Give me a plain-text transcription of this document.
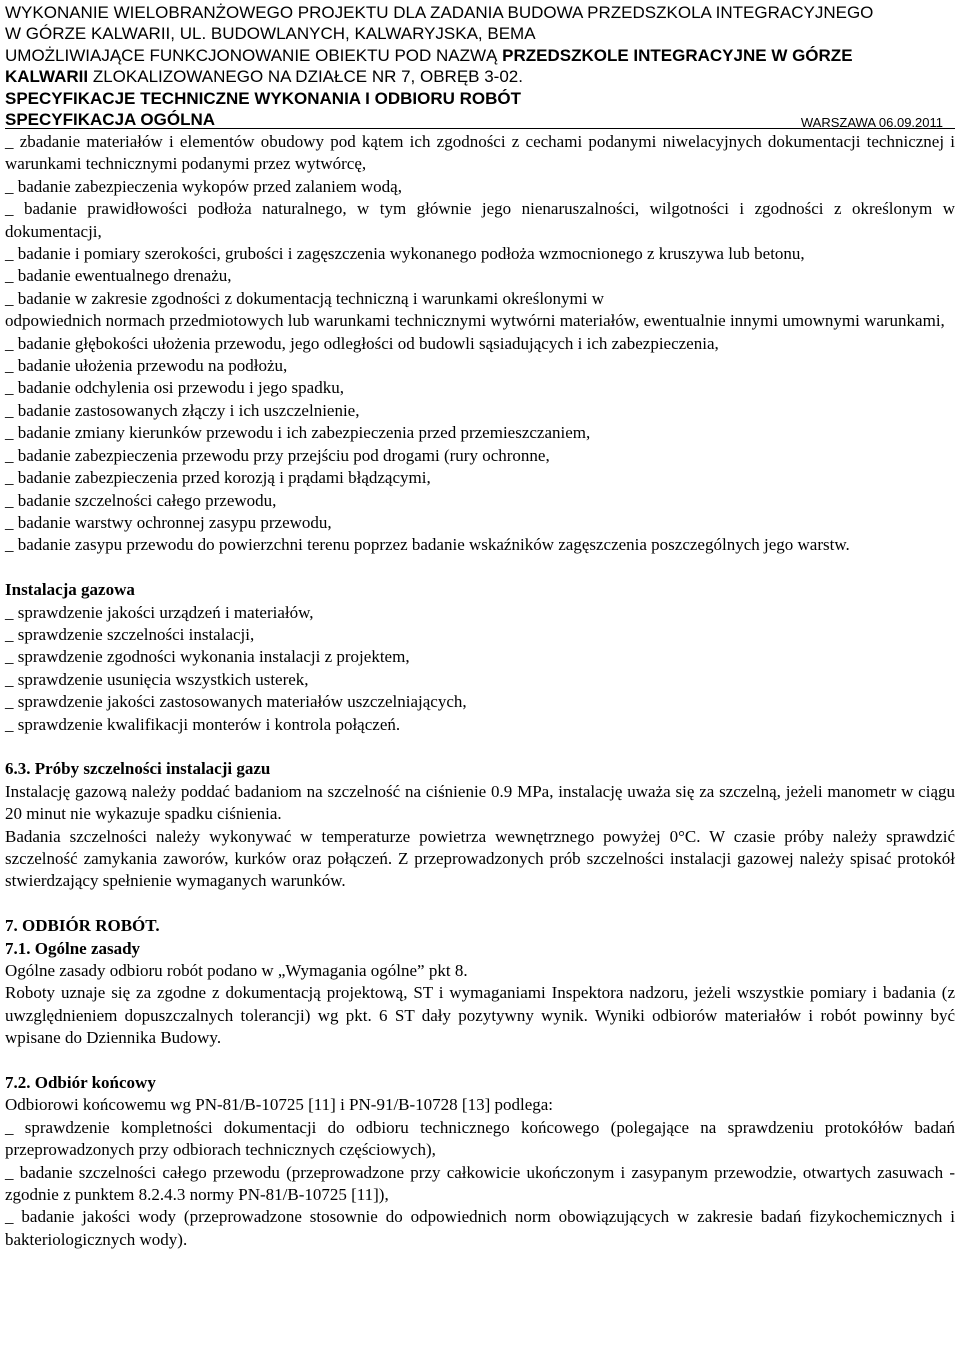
WYKONANIE WIELOBRANŻOWEGO PROJEKTU DLA ZADANIA BUDOWA PRZEDSZKOLA INTEGRACYJNEGO
W GÓRZE KALWARII, UL. BUDOWLANYCH, KALWARYJSKA, BEMA
UMOŻLIWIAJĄCE FUNKCJONOWANIE OBIEKTU POD NAZWĄ PRZEDSZKOLE INTEGRACYJNE W GÓRZE
KALWARII ZLOKALIZOWANEGO NA DZIAŁCE NR 7, OBRĘB 3-02.
SPECYFIKACJE TECHNICZNE WYKONANIA I ODBIORU ROBÓT
SPECYFIKACJA OGÓLNA	WARSZAWA 06.09.2011
_ zbadanie materiałów i elementów obudowy pod kątem ich zgodności z cechami podanymi niwelacyjnych dokumentacji technicznej i warunkami technicznymi podanymi przez wytwórcę,
_ badanie zabezpieczenia wykopów przed zalaniem wodą,
_ badanie prawidłowości podłoża naturalnego, w tym głównie jego nienaruszalności, wilgotności i zgodności z określonym w dokumentacji,
_ badanie i pomiary szerokości, grubości i zagęszczenia wykonanego podłoża wzmocnionego z kruszywa lub betonu,
_ badanie ewentualnego drenażu,
_ badanie w zakresie zgodności z dokumentacją techniczną i warunkami określonymi w
odpowiednich normach przedmiotowych lub warunkami technicznymi wytwórni materiałów, ewentualnie innymi umownymi warunkami,
_ badanie głębokości ułożenia przewodu, jego odległości od budowli sąsiadujących i ich zabezpieczenia,
_ badanie ułożenia przewodu na podłożu,
_ badanie odchylenia osi przewodu i jego spadku,
_ badanie zastosowanych złączy i ich uszczelnienie,
_ badanie zmiany kierunków przewodu i ich zabezpieczenia przed przemieszczaniem,
_ badanie zabezpieczenia przewodu przy przejściu pod drogami (rury ochronne,
_ badanie zabezpieczenia przed korozją i prądami błądzącymi,
_ badanie szczelności całego przewodu,
_ badanie warstwy ochronnej zasypu przewodu,
_ badanie zasypu przewodu do powierzchni terenu poprzez badanie wskaźników zagęszczenia poszczególnych jego warstw.
Instalacja gazowa
_ sprawdzenie jakości urządzeń i materiałów,
_ sprawdzenie szczelności instalacji,
_ sprawdzenie zgodności wykonania instalacji z projektem,
_ sprawdzenie usunięcia wszystkich usterek,
_ sprawdzenie jakości zastosowanych materiałów uszczelniających,
_ sprawdzenie kwalifikacji monterów i kontrola połączeń.
6.3. Próby szczelności instalacji gazu
Instalację gazową należy poddać badaniom na szczelność na ciśnienie 0.9 MPa, instalację uważa się za szczelną, jeżeli manometr w ciągu 20 minut nie wykazuje spadku ciśnienia.
Badania szczelności należy wykonywać w temperaturze powietrza wewnętrznego powyżej 0°C. W czasie próby należy sprawdzić szczelność zamykania zaworów, kurków oraz połączeń. Z przeprowadzonych prób szczelności instalacji gazowej należy spisać protokół stwierdzający spełnienie wymaganych warunków.
7. ODBIÓR ROBÓT.
7.1. Ogólne zasady
Ogólne zasady odbioru robót podano w „Wymagania ogólne” pkt 8.
Roboty uznaje się za zgodne z dokumentacją projektową, ST i wymaganiami Inspektora nadzoru, jeżeli wszystkie pomiary i badania (z uwzględnieniem dopuszczalnych tolerancji) wg pkt. 6 ST dały pozytywny wynik. Wyniki odbiorów materiałów i robót powinny być wpisane do Dziennika Budowy.
7.2. Odbiór końcowy
Odbiorowi końcowemu wg PN-81/B-10725 [11] i PN-91/B-10728 [13] podlega:
_ sprawdzenie kompletności dokumentacji do odbioru technicznego końcowego (polegające na sprawdzeniu protokółów badań przeprowadzonych przy odbiorach technicznych częściowych),
_ badanie szczelności całego przewodu (przeprowadzone przy całkowicie ukończonym i zasypanym przewodzie, otwartych zasuwach - zgodnie z punktem 8.2.4.3 normy PN-81/B-10725 [11]),
_ badanie jakości wody (przeprowadzone stosownie do odpowiednich norm obowiązujących w zakresie badań fizykochemicznych i bakteriologicznych wody).
